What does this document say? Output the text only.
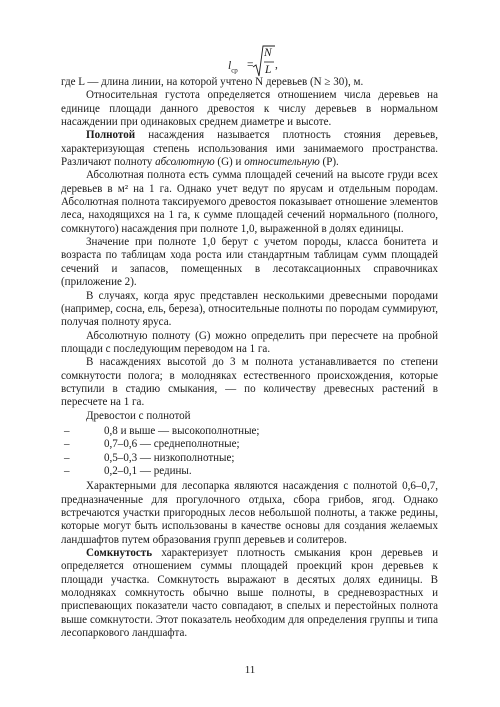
$l_{ср}$ =
N
L ,

где L — длина линии, на которой учтено N деревьев (N ≥ 30), м.

Относительная густота определяется отношением числа деревьев на единице площади данного древостоя к числу деревьев в нормальном насаждении при одинаковых среднем диаметре и высоте.

Полнотой насаждения называется плотность стояния деревьев, характеризующая степень использования ими занимаемого пространства. Различают полноту абсолютную (G) и относительную (P).

Абсолютная полнота есть сумма площадей сечений на высоте груди всех деревьев в м² на 1 га. Однако учет ведут по ярусам и отдельным породам. Абсолютная полнота таксируемого древостоя показывает отношение элементов леса, находящихся на 1 га, к сумме площадей сечений нормального (полного, сомкнутого) насаждения при полноте 1,0, выраженной в долях единицы.

Значение при полноте 1,0 берут с учетом породы, класса бонитета и возраста по таблицам хода роста или стандартным таблицам сумм площадей сечений и запасов, помещенных в лесотаксационных справочниках (приложение 2).

В случаях, когда ярус представлен несколькими древесными породами (например, сосна, ель, береза), относительные полноты по породам суммируют, получая полноту яруса.

Абсолютную полноту (G) можно определить при пересчете на пробной площади с последующим переводом на 1 га.

В насаждениях высотой до 3 м полнота устанавливается по степени сомкнутости полога; в молодняках естественного происхождения, которые вступили в стадию смыкания, — по количеству древесных растений в пересчете на 1 га.

Древостои с полнотой

–	0,8 и выше — высокополнотные;
–	0,7–0,6 — среднеполнотные;
–	0,5–0,3 — низкополнотные;
–	0,2–0,1 — редины.

Характерными для лесопарка являются насаждения с полнотой 0,6–0,7, предназначенные для прогулочного отдыха, сбора грибов, ягод. Однако встречаются участки пригородных лесов небольшой полноты, а также редины, которые могут быть использованы в качестве основы для создания желаемых ландшафтов путем образования групп деревьев и солитеров.

Сомкнутость характеризует плотность смыкания крон деревьев и определяется отношением суммы площадей проекций крон деревьев к площади участка. Сомкнутость выражают в десятых долях единицы. В молодняках сомкнутость обычно выше полноты, в средневозрастных и приспевающих показатели часто совпадают, в спелых и перестойных полнота выше сомкнутости. Этот показатель необходим для определения группы и типа лесопаркового ландшафта.

11
